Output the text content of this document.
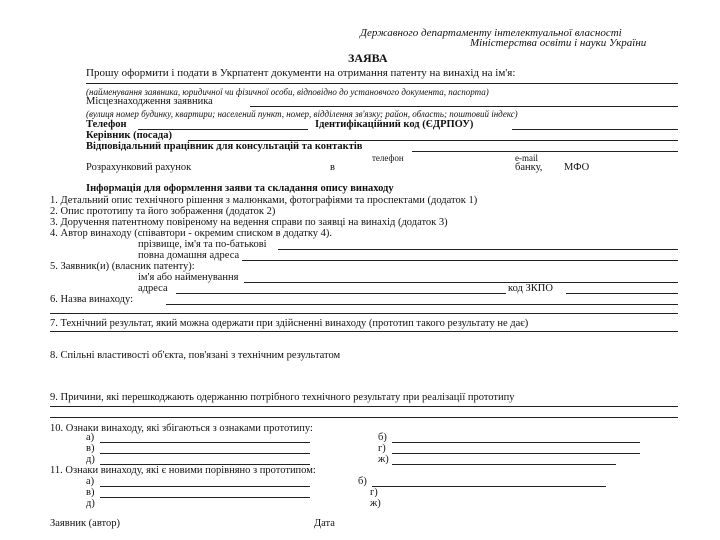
Державного департаменту інтелектуальної власності
Міністерства освіти і науки України
ЗАЯВА
Прошу оформити і подати в Укрпатент документи на отримання патенту на винахід на ім'я:
(найменування заявника, юридичної чи фізичної особи, відповідно до установчого документа, паспорта)
Місцезнаходження заявника
(вулиця номер будинку, квартири; населений пункт, номер, відділення зв'язку; район, область; поштовий індекс)
Телефон	Ідентифікаційний код (ЄДРПОУ)
Керівник (посада)
Відповідальний працівник для консультацій та контактів
телефон	e-mail
Розрахунковий рахунок	в	банку, МФО
Інформація для оформлення заяви та складання опису винаходу
1. Детальний опис технічного рішення з малюнками, фотографіями та проспектами (додаток 1)
2. Опис прототипу та його зображення (додаток 2)
3. Доручення патентному повіреному на ведення справи по заявці на винахід (додаток 3)
4. Автор винаходу (співавтори - окремим списком в додатку 4).
прізвище, ім'я та по-батькові
повна домашня адреса
5. Заявник(и) (власник патенту):
ім'я або найменування
адреса	код ЗКПО
6. Назва винаходу:
7. Технічний результат, який можна одержати при здійсненні винаходу (прототип такого результату не дає)
8. Спільні властивості об'єкта, пов'язані з технічним результатом
9. Причини, які перешкоджають одержанню потрібного технічного результату при реалізації прототипу
10. Ознаки винаходу, які збігаються з ознаками прототипу:
а)	б)
в)	г)
д)	ж)
11. Ознаки винаходу, які є новими порівняно з прототипом:
а)	б)
в)	г)
д)	ж)
Заявник (автор)	Дата
